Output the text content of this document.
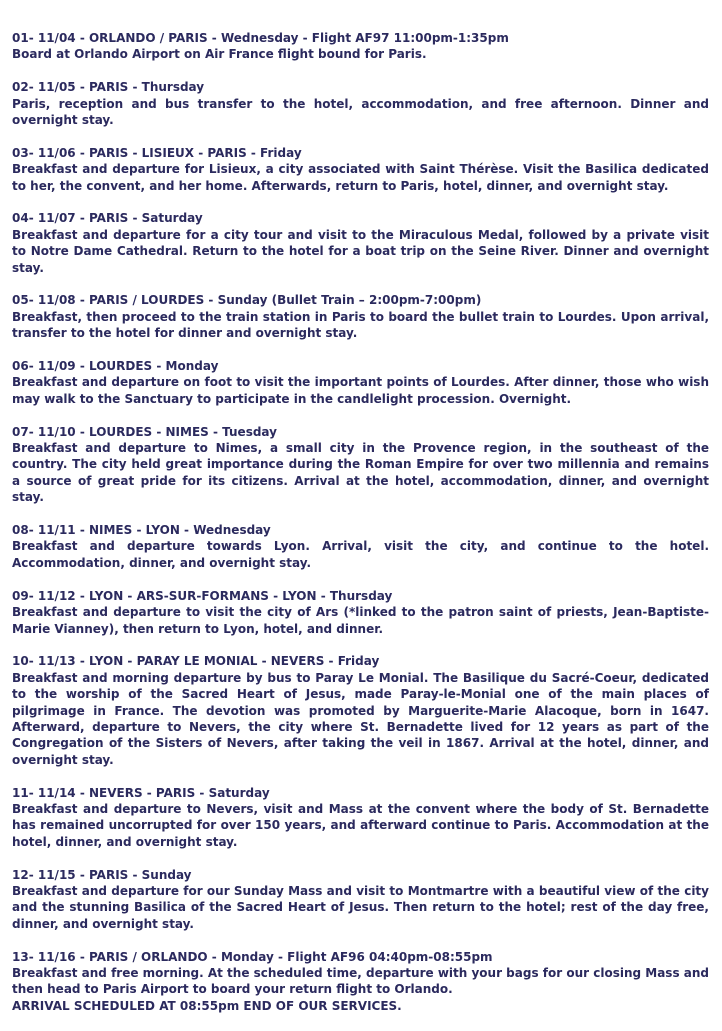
01- 11/04 - ORLANDO / PARIS - Wednesday - Flight AF97 11:00pm-1:35pm
Board at Orlando Airport on Air France flight bound for Paris.
02- 11/05 - PARIS - Thursday
Paris, reception and bus transfer to the hotel, accommodation, and free afternoon. Dinner and overnight stay.
03- 11/06 - PARIS - LISIEUX - PARIS - Friday
Breakfast and departure for Lisieux, a city associated with Saint Thérèse. Visit the Basilica dedicated to her, the convent, and her home. Afterwards, return to Paris, hotel, dinner, and overnight stay.
04- 11/07 - PARIS - Saturday
Breakfast and departure for a city tour and visit to the Miraculous Medal, followed by a private visit to Notre Dame Cathedral. Return to the hotel for a boat trip on the Seine River. Dinner and overnight stay.
05- 11/08 - PARIS / LOURDES - Sunday (Bullet Train – 2:00pm-7:00pm)
Breakfast, then proceed to the train station in Paris to board the bullet train to Lourdes. Upon arrival, transfer to the hotel for dinner and overnight stay.
06- 11/09 - LOURDES - Monday
Breakfast and departure on foot to visit the important points of Lourdes. After dinner, those who wish may walk to the Sanctuary to participate in the candlelight procession. Overnight.
07- 11/10 - LOURDES - NIMES - Tuesday
Breakfast and departure to Nimes, a small city in the Provence region, in the southeast of the country. The city held great importance during the Roman Empire for over two millennia and remains a source of great pride for its citizens. Arrival at the hotel, accommodation, dinner, and overnight stay.
08- 11/11 - NIMES - LYON - Wednesday
Breakfast and departure towards Lyon. Arrival, visit the city, and continue to the hotel. Accommodation, dinner, and overnight stay.
09- 11/12 - LYON - ARS-SUR-FORMANS - LYON - Thursday
Breakfast and departure to visit the city of Ars (*linked to the patron saint of priests, Jean-Baptiste-Marie Vianney), then return to Lyon, hotel, and dinner.
10- 11/13 - LYON - PARAY LE MONIAL - NEVERS - Friday
Breakfast and morning departure by bus to Paray Le Monial. The Basilique du Sacré-Coeur, dedicated to the worship of the Sacred Heart of Jesus, made Paray-le-Monial one of the main places of pilgrimage in France. The devotion was promoted by Marguerite-Marie Alacoque, born in 1647. Afterward, departure to Nevers, the city where St. Bernadette lived for 12 years as part of the Congregation of the Sisters of Nevers, after taking the veil in 1867. Arrival at the hotel, dinner, and overnight stay.
11- 11/14 - NEVERS - PARIS - Saturday
Breakfast and departure to Nevers, visit and Mass at the convent where the body of St. Bernadette has remained uncorrupted for over 150 years, and afterward continue to Paris. Accommodation at the hotel, dinner, and overnight stay.
12- 11/15 - PARIS - Sunday
Breakfast and departure for our Sunday Mass and visit to Montmartre with a beautiful view of the city and the stunning Basilica of the Sacred Heart of Jesus. Then return to the hotel; rest of the day free, dinner, and overnight stay.
13- 11/16 - PARIS / ORLANDO - Monday - Flight AF96 04:40pm-08:55pm
Breakfast and free morning. At the scheduled time, departure with your bags for our closing Mass and then head to Paris Airport to board your return flight to Orlando.
ARRIVAL SCHEDULED AT 08:55pm END OF OUR SERVICES.
